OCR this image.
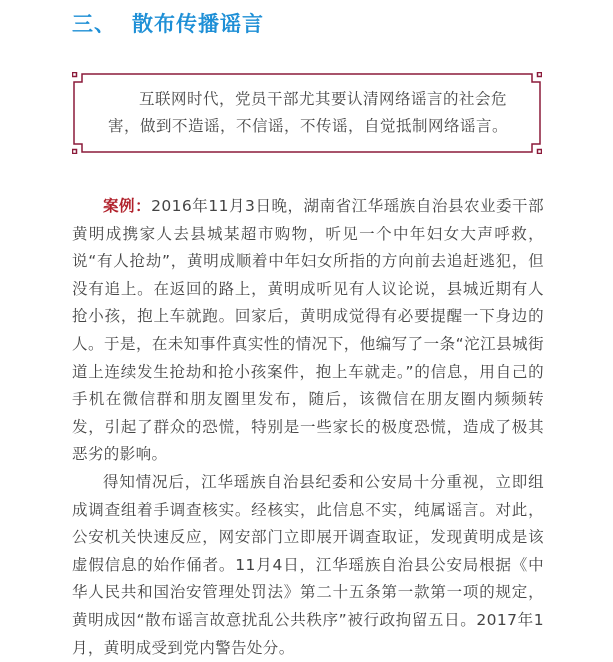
三、 散布传播谣言
互联网时代，党员干部尤其要认清网络谣言的社会危害，做到不造谣，不信谣，不传谣，自觉抵制网络谣言。

案例：2016年11月3日晚，湖南省江华瑶族自治县农业委干部黄明成携家人去县城某超市购物，听见一个中年妇女大声呼救，说“有人抢劫”，黄明成顺着中年妇女所指的方向前去追赶逃犯，但没有追上。在返回的路上，黄明成听见有人议论说，县城近期有人抢小孩，抱上车就跑。回家后，黄明成觉得有必要提醒一下身边的人。于是，在未知事件真实性的情况下，他编写了一条“沱江县城街道上连续发生抢劫和抢小孩案件，抱上车就走。”的信息，用自己的手机在微信群和朋友圈里发布，随后，该微信在朋友圈内频频转发，引起了群众的恐慌，特别是一些家长的极度恐慌，造成了极其恶劣的影响。

得知情况后，江华瑶族自治县纪委和公安局十分重视，立即组成调查组着手调查核实。经核实，此信息不实，纯属谣言。对此，公安机关快速反应，网安部门立即展开调查取证，发现黄明成是该虚假信息的始作俑者。11月4日，江华瑶族自治县公安局根据《中华人民共和国治安管理处罚法》第二十五条第一款第一项的规定，黄明成因“散布谣言故意扰乱公共秩序”被行政拘留五日。2017年1月，黄明成受到党内警告处分。
